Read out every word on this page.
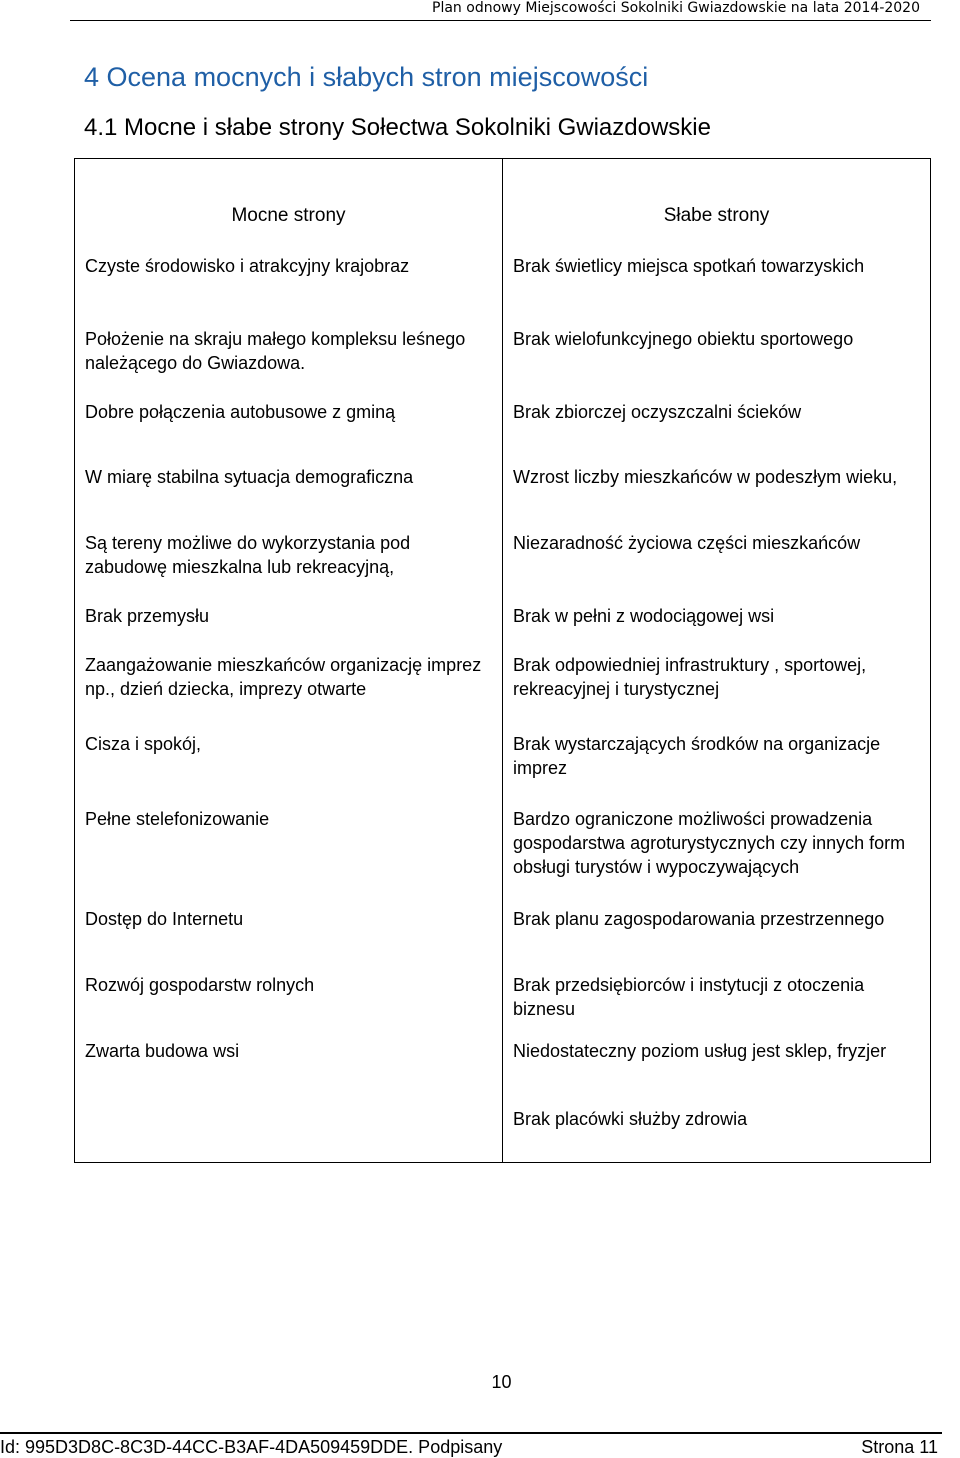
Plan odnowy Miejscowości Sokolniki Gwiazdowskie na lata 2014-2020
4 Ocena mocnych i słabych stron miejscowości
4.1 Mocne i słabe strony Sołectwa Sokolniki Gwiazdowskie
Mocne strony	Słabe strony
Czyste środowisko i atrakcyjny krajobraz
Położenie na skraju małego kompleksu leśnego należącego do Gwiazdowa.
Dobre połączenia autobusowe z gminą
W miarę stabilna sytuacja demograficzna
Są tereny możliwe do wykorzystania pod zabudowę mieszkalna lub rekreacyjną,
Brak przemysłu
Zaangażowanie mieszkańców organizację imprez np., dzień dziecka, imprezy otwarte
Cisza i spokój,
Pełne stelefonizowanie
Dostęp do Internetu
Rozwój gospodarstw rolnych
Zwarta budowa wsi
Brak świetlicy miejsca spotkań towarzyskich
Brak wielofunkcyjnego obiektu sportowego
Brak zbiorczej oczyszczalni ścieków
Wzrost liczby mieszkańców w podeszłym wieku,
Niezaradność życiowa części mieszkańców
Brak w pełni z wodociągowej wsi
Brak odpowiedniej infrastruktury , sportowej, rekreacyjnej i turystycznej
Brak wystarczających środków na organizacje imprez
Bardzo ograniczone możliwości prowadzenia gospodarstwa agroturystycznych czy innych form obsługi turystów i wypoczywających
Brak planu zagospodarowania przestrzennego
Brak przedsiębiorców i instytucji z otoczenia biznesu
Niedostateczny poziom usług jest sklep, fryzjer
Brak placówki służby zdrowia
10
Id: 995D3D8C-8C3D-44CC-B3AF-4DA509459DDE. Podpisany	Strona 11
